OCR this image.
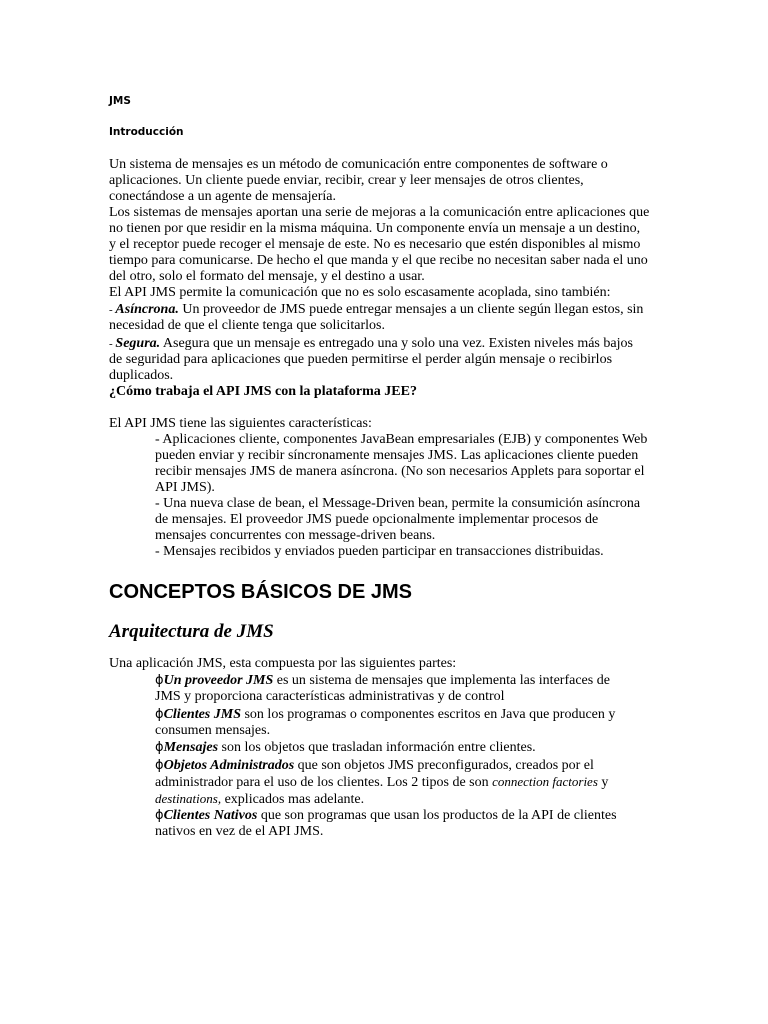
JMS
Introducción
Un sistema de mensajes es un método de comunicación entre componentes de software o
aplicaciones. Un cliente puede enviar, recibir, crear y leer mensajes de otros clientes,
conectándose a un agente de mensajería.
Los sistemas de mensajes aportan una serie de mejoras a la comunicación entre aplicaciones que
no tienen por que residir en la misma máquina. Un componente envía un mensaje a un destino,
y el receptor puede recoger el mensaje de este. No es necesario que estén disponibles al mismo
tiempo para comunicarse. De hecho el que manda y el que recibe no necesitan saber nada el uno
del otro, solo el formato del mensaje, y el destino a usar.
El API JMS permite la comunicación que no es solo escasamente acoplada, sino también:
- Asíncrona. Un proveedor de JMS puede entregar mensajes a un cliente según llegan estos, sin
necesidad de que el cliente tenga que solicitarlos.
- Segura. Asegura que un mensaje es entregado una y solo una vez. Existen niveles más bajos
de seguridad para aplicaciones que pueden permitirse el perder algún mensaje o recibirlos
duplicados.
¿Cómo trabaja el API JMS con la plataforma JEE?
El API JMS tiene las siguientes características:
- Aplicaciones cliente, componentes JavaBean empresariales (EJB) y componentes Web
pueden enviar y recibir síncronamente mensajes JMS. Las aplicaciones cliente pueden
recibir mensajes JMS de manera asíncrona. (No son necesarios Applets para soportar el
API JMS).
- Una nueva clase de bean, el Message-Driven bean, permite la consumición asíncrona
de mensajes. El proveedor JMS puede opcionalmente implementar procesos de
mensajes concurrentes con message-driven beans.
- Mensajes recibidos y enviados pueden participar en transacciones distribuidas.
CONCEPTOS BÁSICOS DE JMS
Arquitectura de JMS
Una aplicación JMS, esta compuesta por las siguientes partes:
ϕUn proveedor JMS es un sistema de mensajes que implementa las interfaces de
JMS y proporciona características administrativas y de control
ϕClientes JMS son los programas o componentes escritos en Java que producen y
consumen mensajes.
ϕMensajes son los objetos que trasladan información entre clientes.
ϕObjetos Administrados que son objetos JMS preconfigurados, creados por el
administrador para el uso de los clientes. Los 2 tipos de son connection factories y
destinations, explicados mas adelante.
ϕClientes Nativos que son programas que usan los productos de la API de clientes
nativos en vez de el API JMS.
